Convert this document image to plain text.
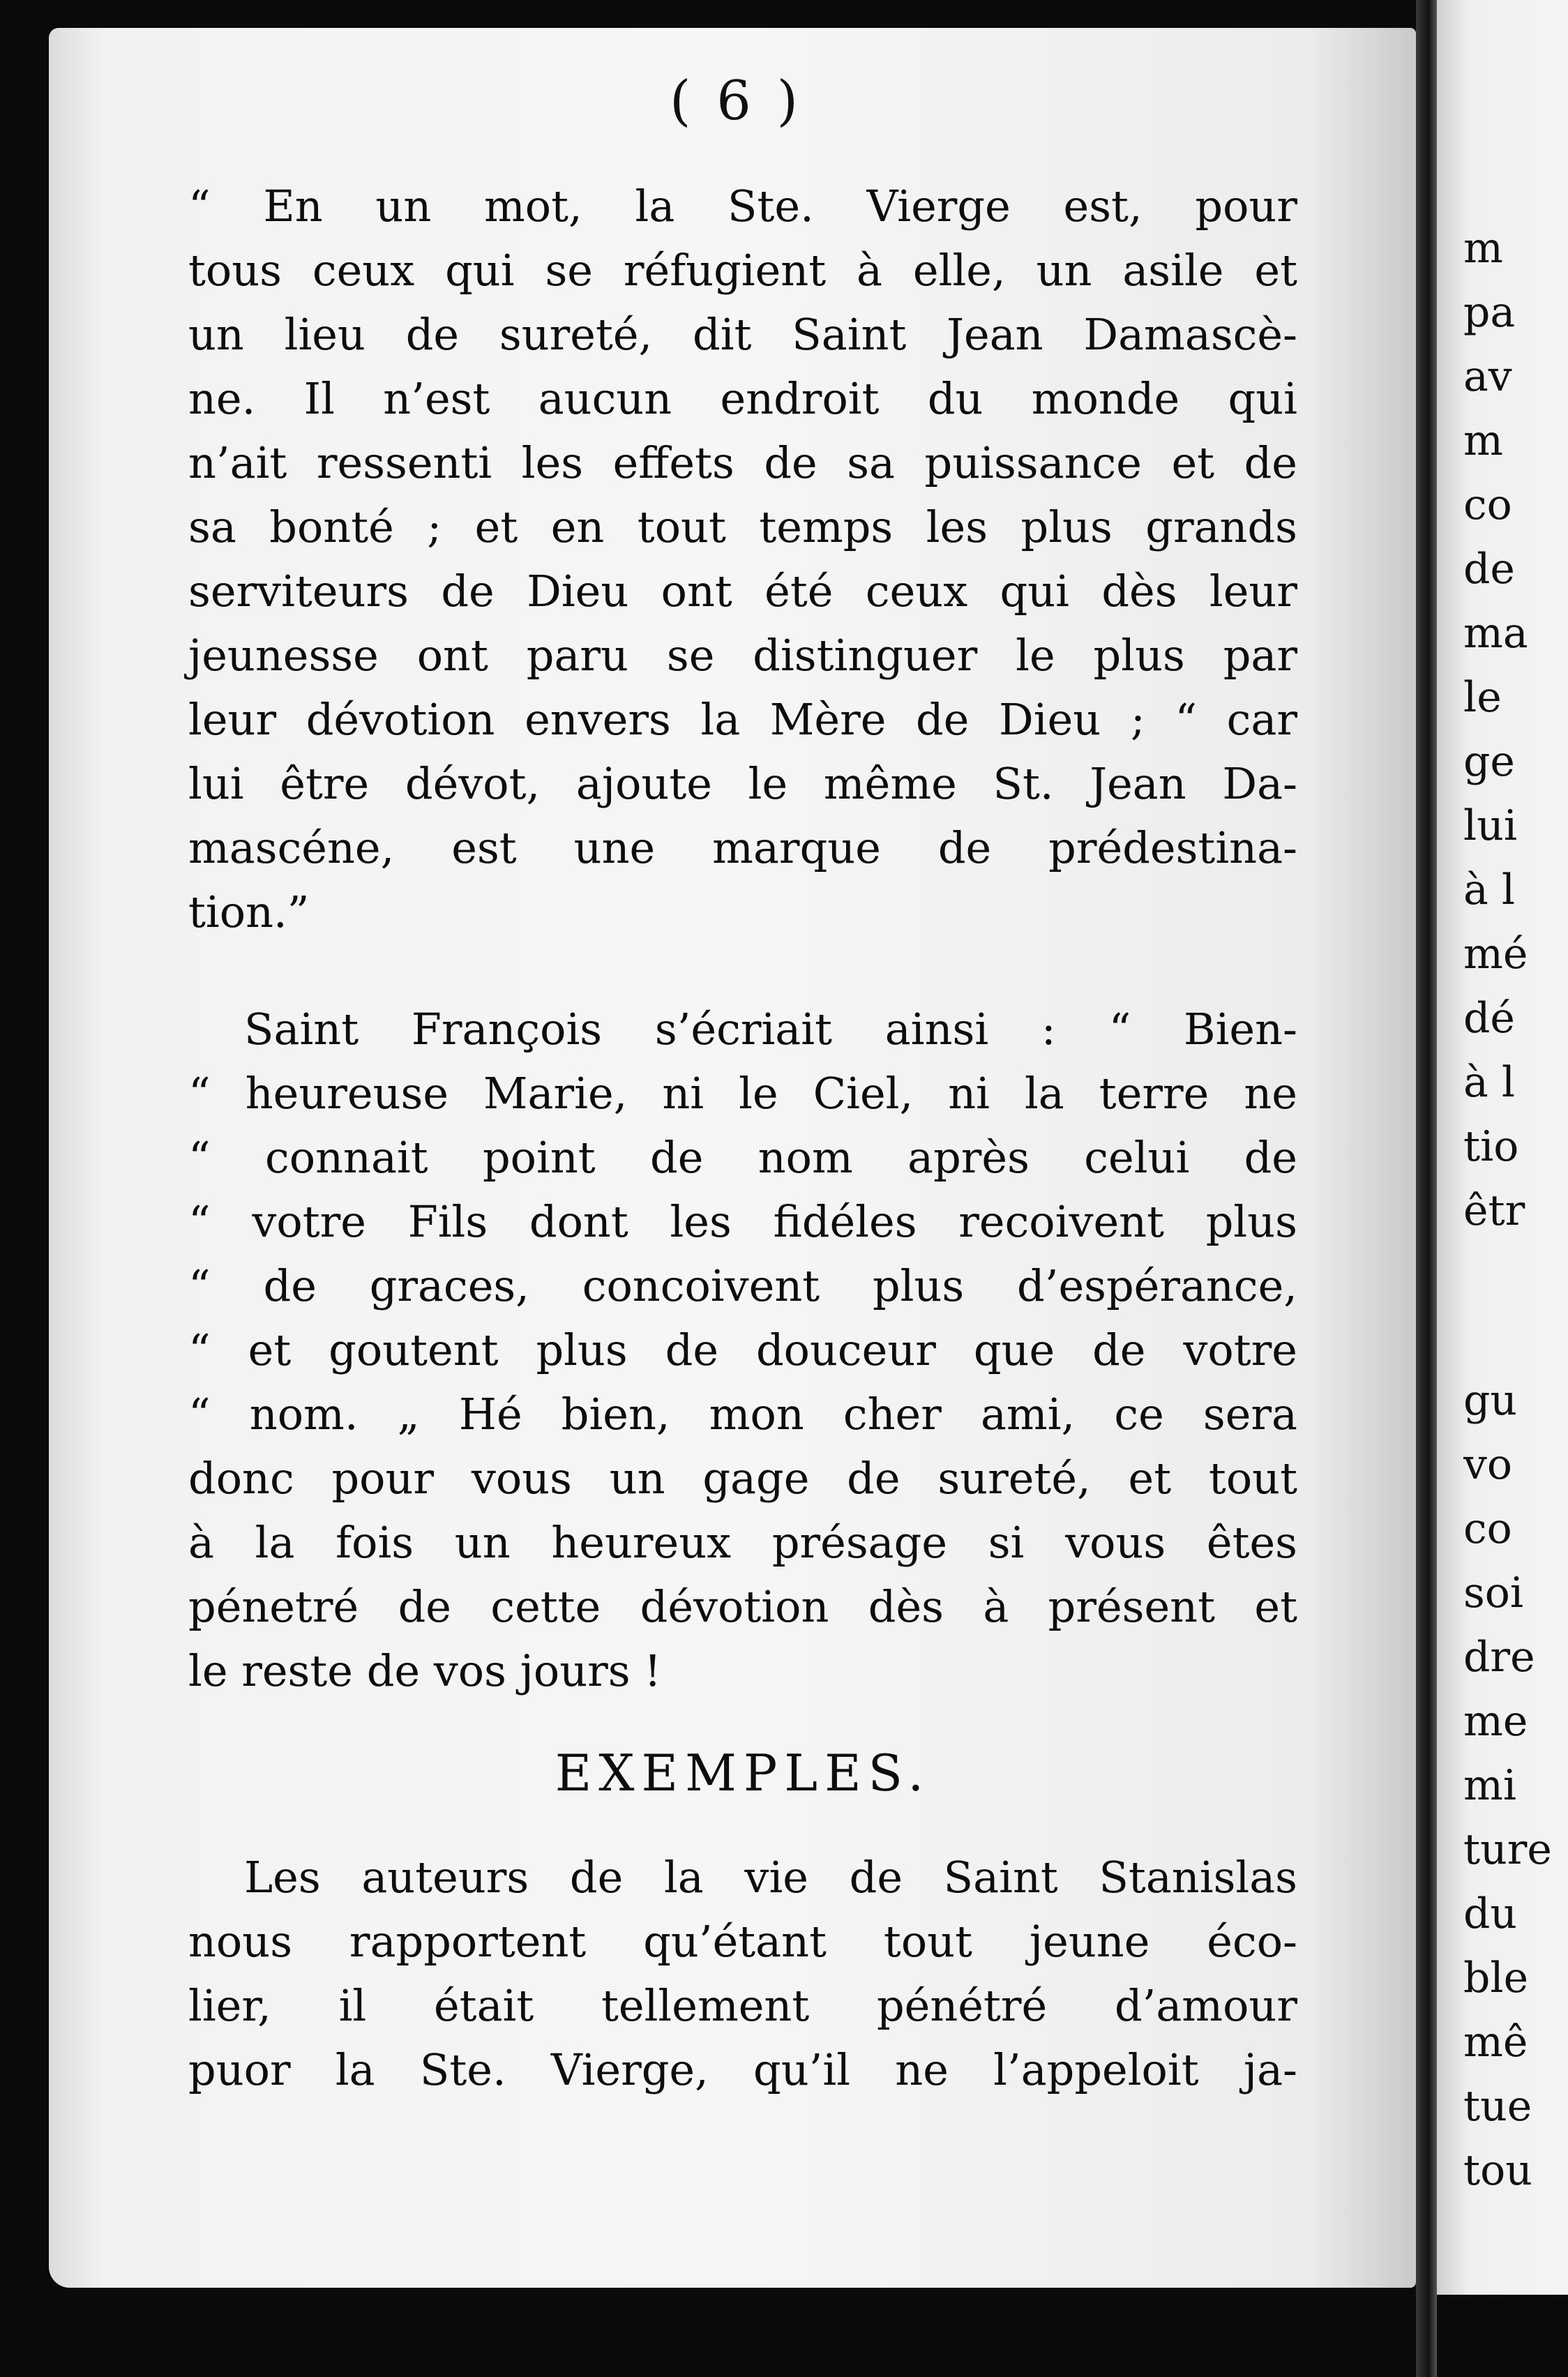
( 6 )
“ En un mot, la Ste. Vierge est, pour
tous ceux qui se réfugient à elle, un asile et
un lieu de sureté, dit Saint Jean Damascè-
ne. Il n’est aucun endroit du monde qui
n’ait ressenti les effets de sa puissance et de
sa bonté ; et en tout temps les plus grands
serviteurs de Dieu ont été ceux qui dès leur
jeunesse ont paru se distinguer le plus par
leur dévotion envers la Mère de Dieu ; “ car
lui être dévot, ajoute le même St. Jean Da-
mascéne, est une marque de prédestina-
tion.”
Saint François s’écriait ainsi : “ Bien-
“ heureuse Marie, ni le Ciel, ni la terre ne
“ connait point de nom après celui de
“ votre Fils dont les fidéles recoivent plus
“ de graces, concoivent plus d’espérance,
“ et goutent plus de douceur que de votre
“ nom. „ Hé bien, mon cher ami, ce sera
donc pour vous un gage de sureté, et tout
à la fois un heureux présage si vous êtes
pénetré de cette dévotion dès à présent et
le reste de vos jours !
EXEMPLES.
Les auteurs de la vie de Saint Stanislas
nous rapportent qu’étant tout jeune éco-
lier, il était tellement pénétré d’amour
puor la Ste. Vierge, qu’il ne l’appeloit ja-
m
pa
av
m
co
de
ma
le
ge
lui
à l
mé
dé
à l
tio
êtr
gu
vo
co
soi
dre
me
mi
ture
du
ble
mê
tue
tou
